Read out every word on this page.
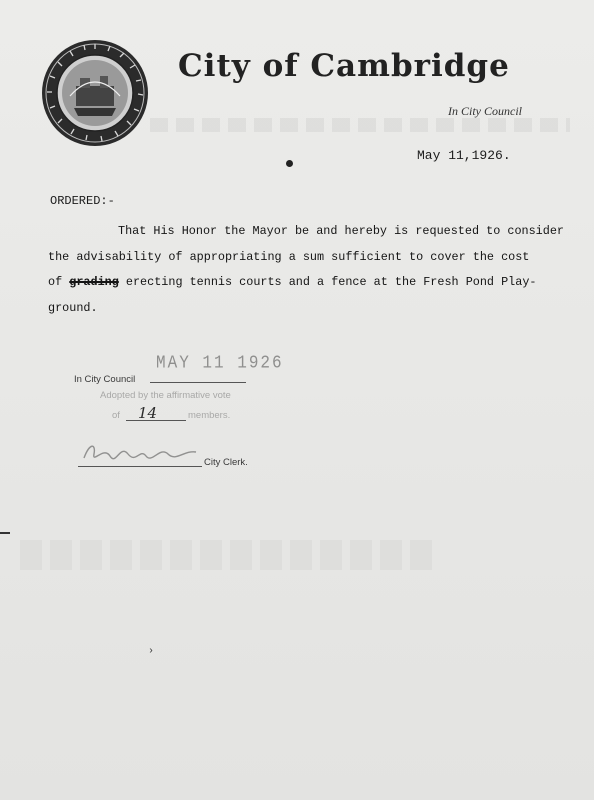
City of Cambridge
In City Council
May 11,1926.
ORDERED:-
That His Honor the Mayor be and hereby is requested to consider
the advisability of appropriating a sum sufficient to cover the cost
of grading erecting tennis courts and a fence at the Fresh Pond Play-
ground.
In City Council
MAY 11 1926
Adopted by the affirmative vote
of 14	members.
City Clerk.
›
